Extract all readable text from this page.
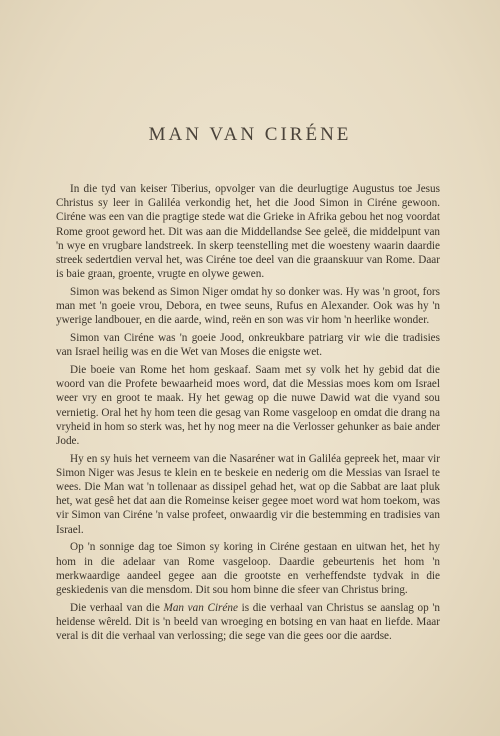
MAN VAN CIRÉNE

In die tyd van keiser Tiberius, opvolger van die deurlugtige Augustus toe Jesus Christus sy leer in Galiléa verkondig het, het die Jood Simon in Ciréne gewoon. Ciréne was een van die pragtige stede wat die Grieke in Afrika gebou het nog voordat Rome groot geword het. Dit was aan die Middellandse See geleë, die middelpunt van 'n wye en vrugbare landstreek. In skerp teenstelling met die woesteny waarin daardie streek sedertdien verval het, was Ciréne toe deel van die graanskuur van Rome. Daar is baie graan, groente, vrugte en olywe gewen.

Simon was bekend as Simon Niger omdat hy so donker was. Hy was 'n groot, fors man met 'n goeie vrou, Debora, en twee seuns, Rufus en Alexander. Ook was hy 'n ywerige landbouer, en die aarde, wind, reën en son was vir hom 'n heerlike wonder.

Simon van Ciréne was 'n goeie Jood, onkreukbare patriarg vir wie die tradisies van Israel heilig was en die Wet van Moses die enigste wet.

Die boeie van Rome het hom geskaaf. Saam met sy volk het hy gebid dat die woord van die Profete bewaarheid moes word, dat die Messias moes kom om Israel weer vry en groot te maak. Hy het gewag op die nuwe Dawid wat die vyand sou vernietig. Oral het hy hom teen die gesag van Rome vasgeloop en omdat die drang na vryheid in hom so sterk was, het hy nog meer na die Verlosser gehunker as baie ander Jode.

Hy en sy huis het verneem van die Nasaréner wat in Galiléa gepreek het, maar vir Simon Niger was Jesus te klein en te beskeie en nederig om die Messias van Israel te wees. Die Man wat 'n tollenaar as dissipel gehad het, wat op die Sabbat are laat pluk het, wat gesê het dat aan die Romeinse keiser gegee moet word wat hom toekom, was vir Simon van Ciréne 'n valse profeet, onwaardig vir die bestemming en tradisies van Israel.

Op 'n sonnige dag toe Simon sy koring in Ciréne gestaan en uitwan het, het hy hom in die adelaar van Rome vasgeloop. Daardie gebeurtenis het hom 'n merkwaardige aandeel gegee aan die grootste en verheffendste tydvak in die geskiedenis van die mensdom. Dit sou hom binne die sfeer van Christus bring.

Die verhaal van die Man van Ciréne is die verhaal van Christus se aanslag op 'n heidense wêreld. Dit is 'n beeld van wroeging en botsing en van haat en liefde. Maar veral is dit die verhaal van verlossing; die sege van die gees oor die aardse.
